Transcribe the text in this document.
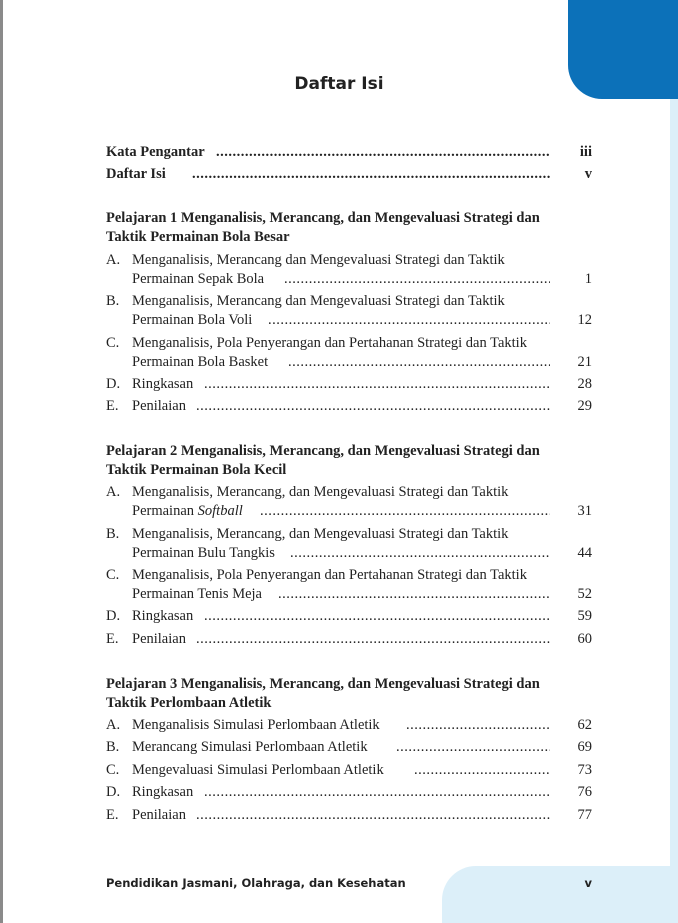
Daftar Isi
Kata Pengantar .....	iii
Daftar Isi .....	v
Pelajaran 1 Menganalisis, Merancang, dan Mengevaluasi Strategi dan
Taktik Permainan Bola Besar
A. Menganalisis, Merancang dan Mengevaluasi Strategi dan Taktik
Permainan Sepak Bola .....	1
B. Menganalisis, Merancang dan Mengevaluasi Strategi dan Taktik
Permainan Bola Voli .....	12
C. Menganalisis, Pola Penyerangan dan Pertahanan Strategi dan Taktik
Permainan Bola Basket .....	21
D. Ringkasan .....	28
E. Penilaian .....	29
Pelajaran 2 Menganalisis, Merancang, dan Mengevaluasi Strategi dan
Taktik Permainan Bola Kecil
A. Menganalisis, Merancang, dan Mengevaluasi Strategi dan Taktik
Permainan Softball .....	31
B. Menganalisis, Merancang, dan Mengevaluasi Strategi dan Taktik
Permainan Bulu Tangkis .....	44
C. Menganalisis, Pola Penyerangan dan Pertahanan Strategi dan Taktik
Permainan Tenis Meja .....	52
D. Ringkasan .....	59
E. Penilaian .....	60
Pelajaran 3 Menganalisis, Merancang, dan Mengevaluasi Strategi dan
Taktik Perlombaan Atletik
A. Menganalisis Simulasi Perlombaan Atletik .....	62
B. Merancang Simulasi Perlombaan Atletik .....	69
C. Mengevaluasi Simulasi Perlombaan Atletik .....	73
D. Ringkasan .....	76
E. Penilaian .....	77
Pendidikan Jasmani, Olahraga, dan Kesehatan	v
